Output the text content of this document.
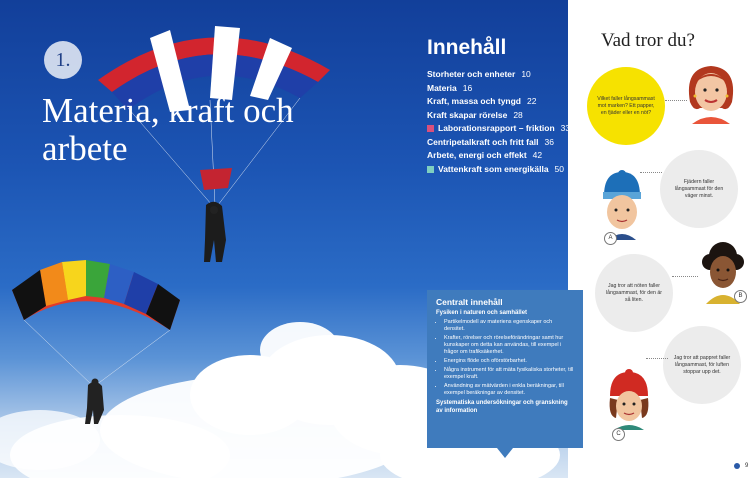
1.
Materia, kraft och arbete
Innehåll
Storheter och enheter 10
Materia 16
Kraft, massa och tyngd 22
Kraft skapar rörelse 28
Laborationsrapport – friktion 33
Centripetalkraft och fritt fall 36
Arbete, energi och effekt 42
Vattenkraft som energikälla 50
Centralt innehåll
Fysiken i naturen och samhället
• Partikelmodell av materiens egenskaper och densitet.
• Krafter, rörelser och rörelseförändringar samt hur kunskaper om detta kan användas, till exempel i frågor om trafiksäkerhet.
• Energins flöde och oförstörbarhet.
• Några instrument för att mäta fysikaliska storheter, till exempel kraft.
• Användning av mätvärden i enkla beräkningar, till exempel beräkningar av densitet.
Systematiska undersökningar och granskning av information
Vad tror du?
Vilket faller långsammast mot marken? Ett papper, en fjäder eller en nöt?
Fjädern faller långsammast för den väger minst.
A
Jag tror att nöten faller långsammast, för den är så liten.
B
Jag tror att pappret faller långsammast, för luften stoppar upp det.
C
9
